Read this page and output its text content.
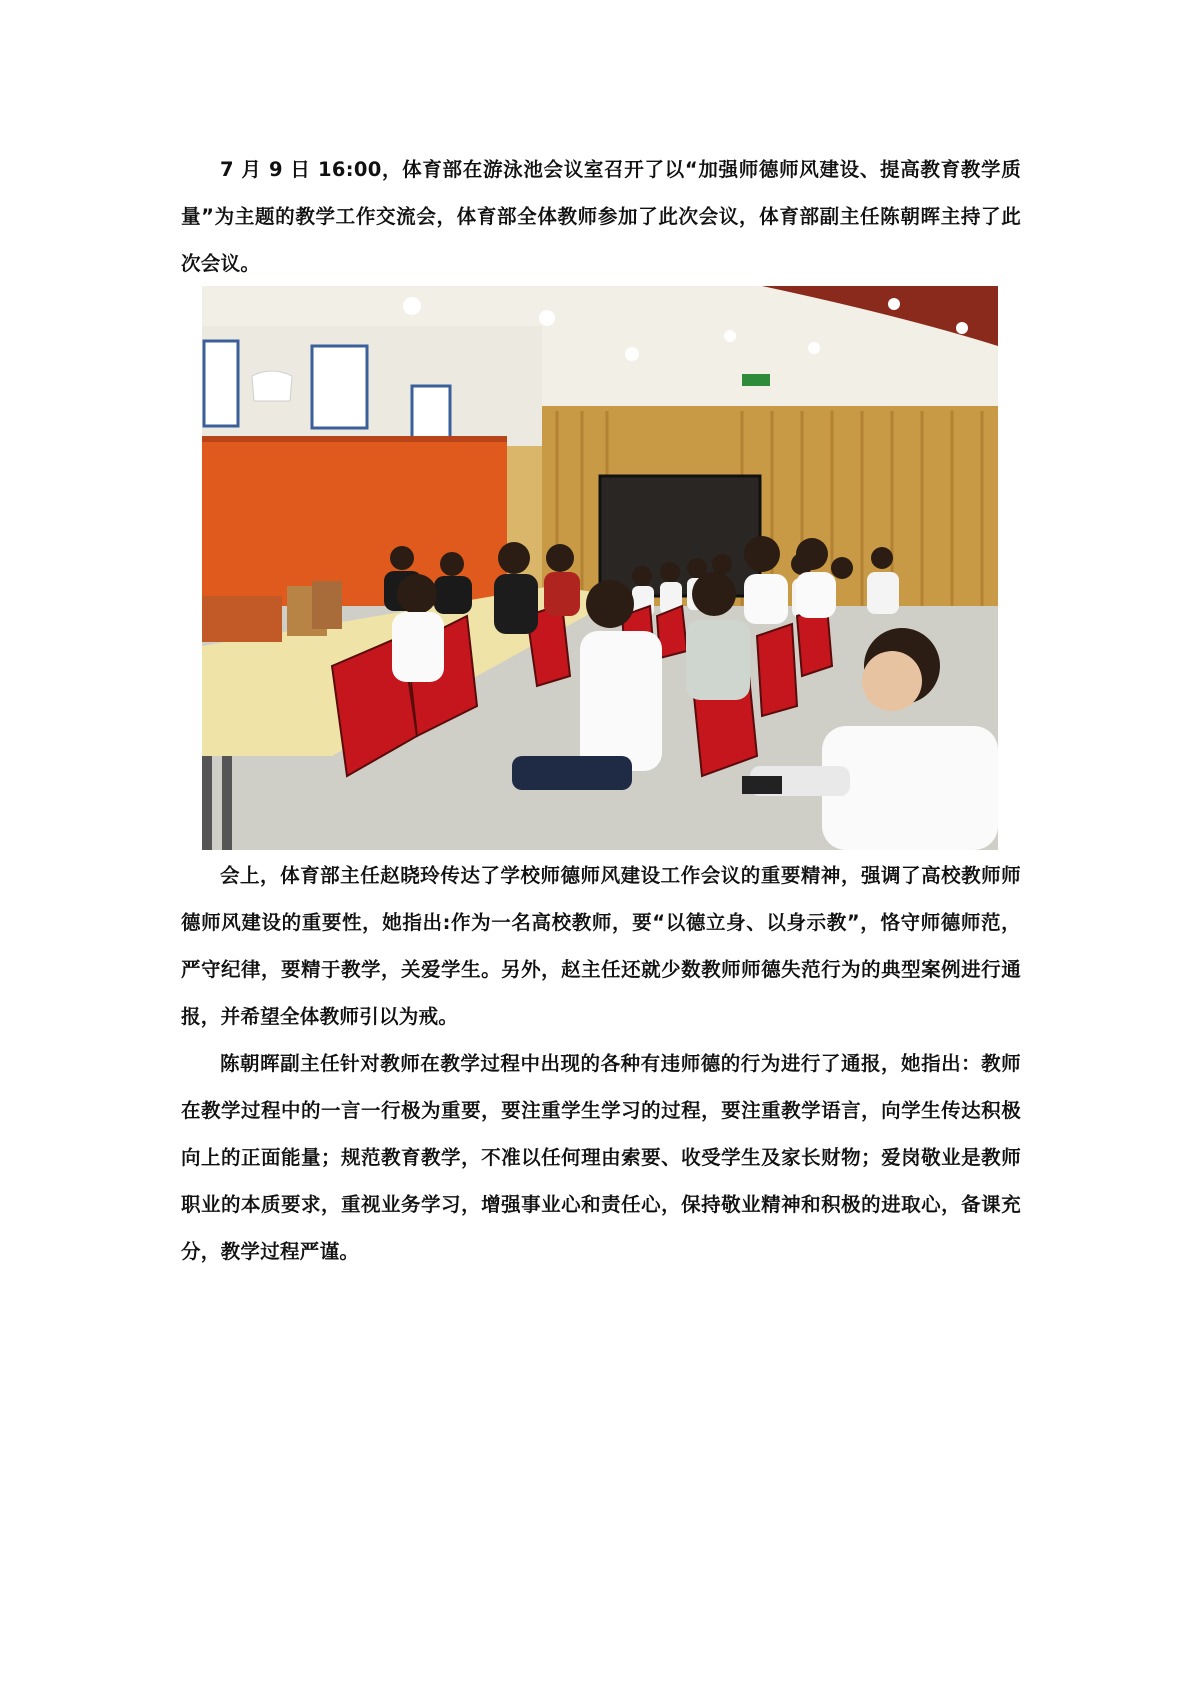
7 月 9 日 16:00，体育部在游泳池会议室召开了以“加强师德师风建设、提高教育教学质量”为主题的教学工作交流会，体育部全体教师参加了此次会议，体育部副主任陈朝晖主持了此次会议。

会上，体育部主任赵晓玲传达了学校师德师风建设工作会议的重要精神，强调了高校教师师德师风建设的重要性，她指出:作为一名高校教师，要“以德立身、以身示教”，恪守师德师范，严守纪律，要精于教学，关爱学生。另外，赵主任还就少数教师师德失范行为的典型案例进行通报，并希望全体教师引以为戒。

陈朝晖副主任针对教师在教学过程中出现的各种有违师德的行为进行了通报，她指出：教师在教学过程中的一言一行极为重要，要注重学生学习的过程，要注重教学语言，向学生传达积极向上的正面能量；规范教育教学，不准以任何理由索要、收受学生及家长财物；爱岗敬业是教师职业的本质要求，重视业务学习，增强事业心和责任心，保持敬业精神和积极的进取心，备课充分，教学过程严谨。
